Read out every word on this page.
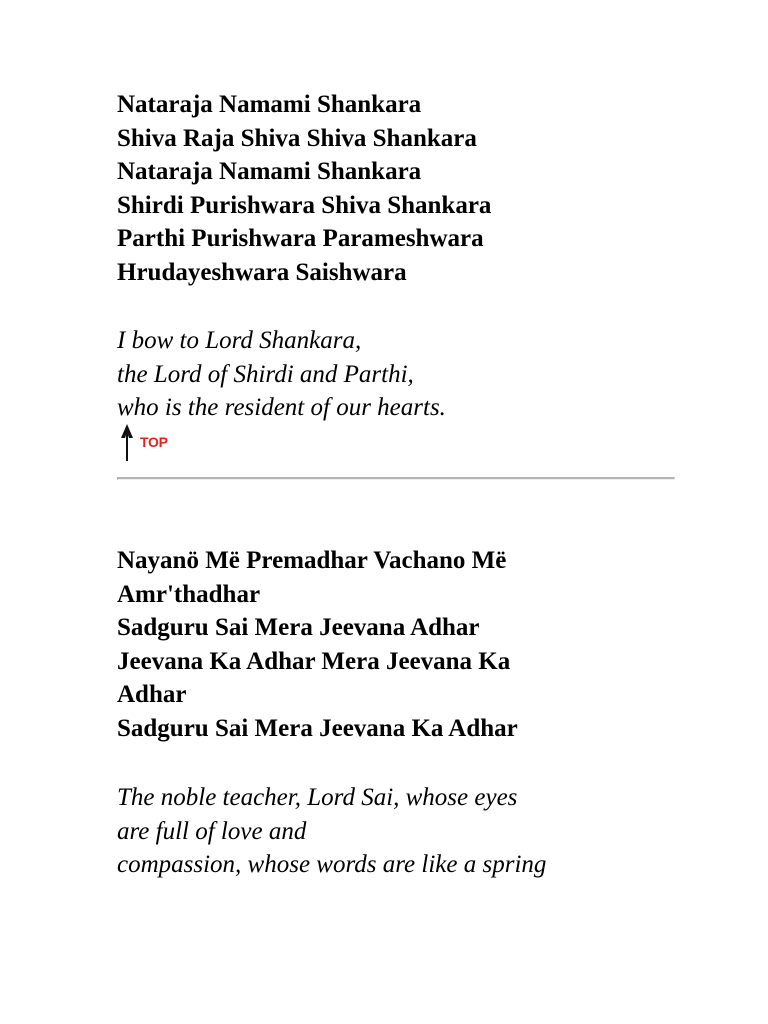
Nataraja Namami Shankara
Shiva Raja Shiva Shiva Shankara
Nataraja Namami Shankara
Shirdi Purishwara Shiva Shankara
Parthi Purishwara Parameshwara
Hrudayeshwara Saishwara
I bow to Lord Shankara,
the Lord of Shirdi and Parthi,
who is the resident of our hearts.
TOP
Nayanö Më Premadhar Vachano Më
Amr'thadhar
Sadguru Sai Mera Jeevana Adhar
Jeevana Ka Adhar Mera Jeevana Ka
Adhar
Sadguru Sai Mera Jeevana Ka Adhar
The noble teacher, Lord Sai, whose eyes
are full of love and
compassion, whose words are like a spring
